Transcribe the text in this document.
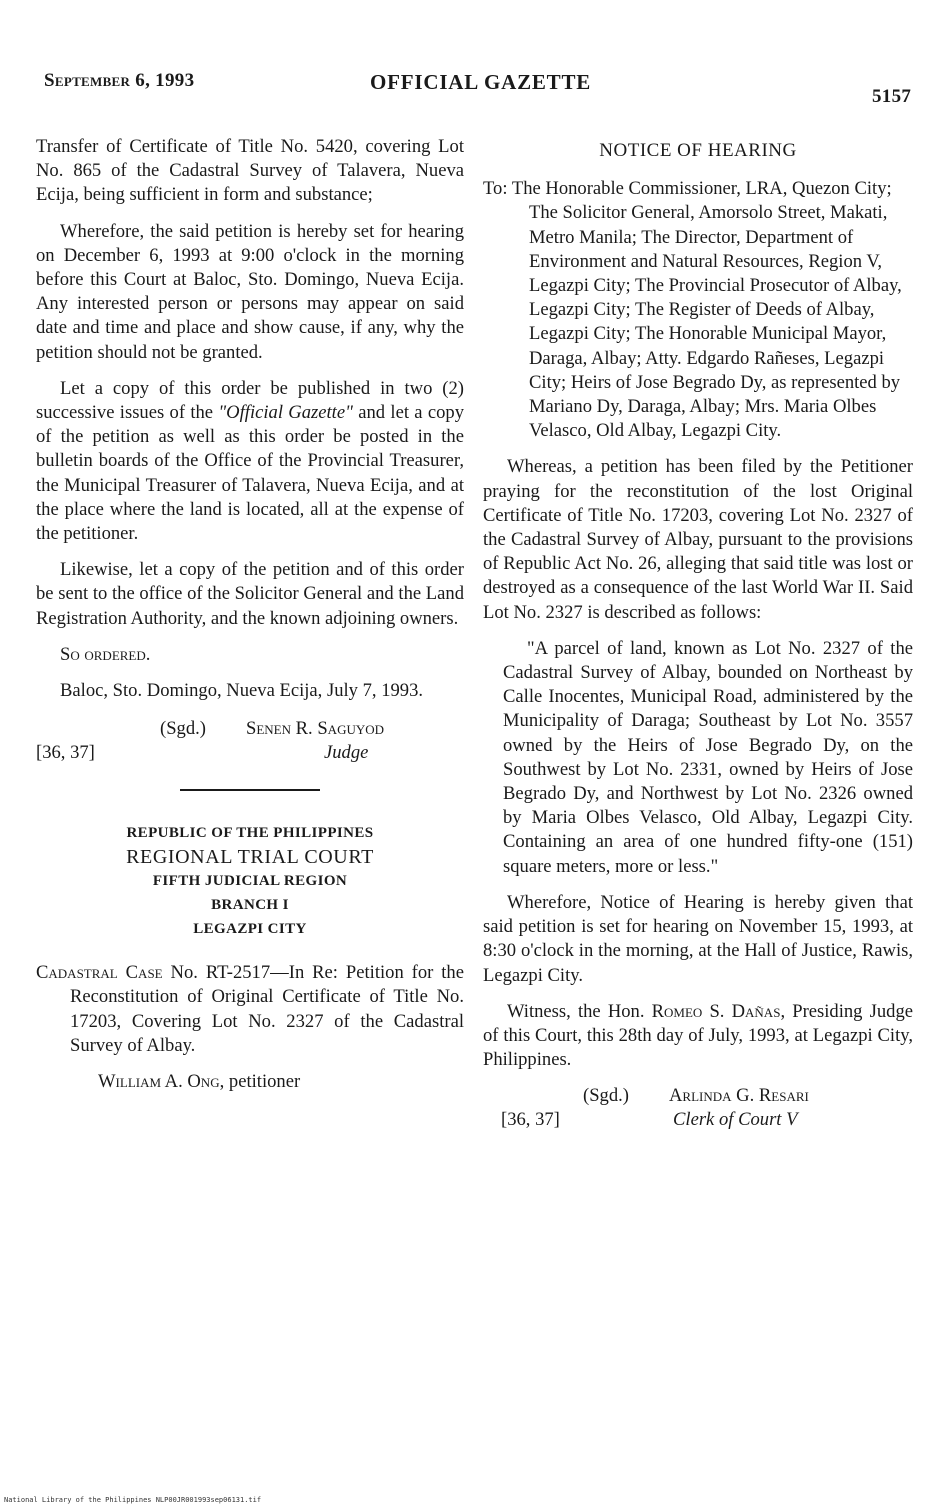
September 6, 1993	OFFICIAL GAZETTE
5157

Transfer of Certificate of Title No. 5420, covering Lot No. 865 of the Cadastral Survey of Talavera, Nueva Ecija, being sufficient in form and substance;

Wherefore, the said petition is hereby set for hearing on December 6, 1993 at 9:00 o'clock in the morning before this Court at Baloc, Sto. Domingo, Nueva Ecija. Any interested person or persons may appear on said date and time and place and show cause, if any, why the petition should not be granted.

Let a copy of this order be published in two (2) successive issues of the "Official Gazette" and let a copy of the petition as well as this order be posted in the bulletin boards of the Office of the Provincial Treasurer, the Municipal Treasurer of Talavera, Nueva Ecija, and at the place where the land is located, all at the expense of the petitioner.

Likewise, let a copy of the petition and of this order be sent to the office of the Solicitor General and the Land Registration Authority, and the known adjoining owners.

So ordered.

Baloc, Sto. Domingo, Nueva Ecija, July 7, 1993.

(Sgd.) Senen R. Saguyod
[36, 37]	Judge
REPUBLIC OF THE PHILIPPINES
REGIONAL TRIAL COURT
FIFTH JUDICIAL REGION
BRANCH I
LEGAZPI CITY

Cadastral Case No. RT-2517—In Re: Petition for the Reconstitution of Original Certificate of Title No. 17203, Covering Lot No. 2327 of the Cadastral Survey of Albay.

William A. Ong, petitioner

NOTICE OF HEARING

To: The Honorable Commissioner, LRA, Quezon City; The Solicitor General, Amorsolo Street, Makati, Metro Manila; The Director, Department of Environment and Natural Resources, Region V, Legazpi City; The Provincial Prosecutor of Albay, Legazpi City; The Register of Deeds of Albay, Legazpi City; The Honorable Municipal Mayor, Daraga, Albay; Atty. Edgardo Rañeses, Legazpi City; Heirs of Jose Begrado Dy, as represented by Mariano Dy, Daraga, Albay; Mrs. Maria Olbes Velasco, Old Albay, Legazpi City.

Whereas, a petition has been filed by the Petitioner praying for the reconstitution of the lost Original Certificate of Title No. 17203, covering Lot No. 2327 of the Cadastral Survey of Albay, pursuant to the provisions of Republic Act No. 26, alleging that said title was lost or destroyed as a consequence of the last World War II. Said Lot No. 2327 is described as follows:

"A parcel of land, known as Lot No. 2327 of the Cadastral Survey of Albay, bounded on Northeast by Calle Inocentes, Municipal Road, administered by the Municipality of Daraga; Southeast by Lot No. 3557 owned by the Heirs of Jose Begrado Dy, on the Southwest by Lot No. 2331, owned by Heirs of Jose Begrado Dy, and Northwest by Lot No. 2326 owned by Maria Olbes Velasco, Old Albay, Legazpi City. Containing an area of one hundred fifty-one (151) square meters, more or less."

Wherefore, Notice of Hearing is hereby given that said petition is set for hearing on November 15, 1993, at 8:30 o'clock in the morning, at the Hall of Justice, Rawis, Legazpi City.

Witness, the Hon. Romeo S. Dañas, Presiding Judge of this Court, this 28th day of July, 1993, at Legazpi City, Philippines.

(Sgd.) Arlinda G. Resari
[36, 37]	Clerk of Court V
National Library of the Philippines NLP00JR001993sep06131.tif
